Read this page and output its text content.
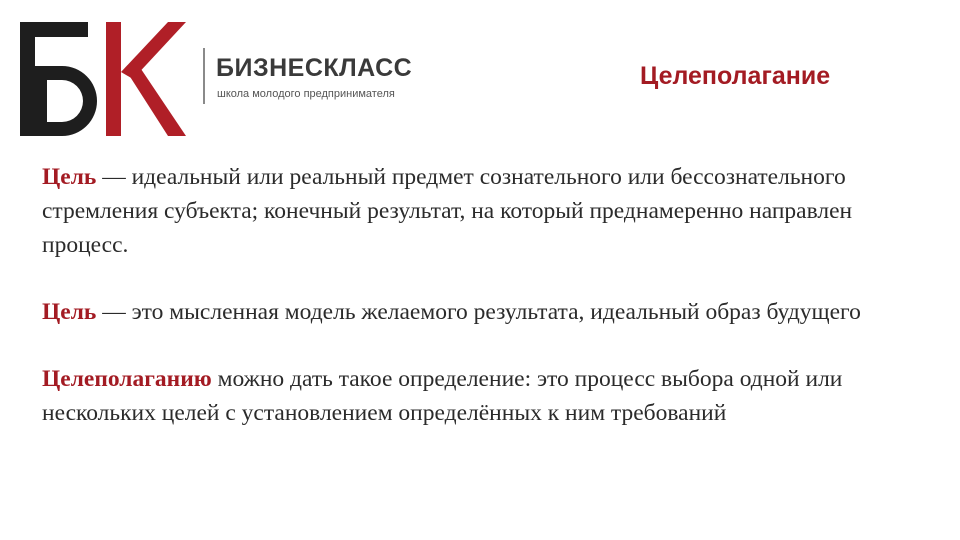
БИЗНЕСКЛАСС
школа молодого предпринимателя
Целеполагание

Цель — идеальный или реальный предмет сознательного или бессознательного стремления субъекта; конечный результат, на который преднамеренно направлен процесс.

Цель — это мысленная модель желаемого результата, идеальный образ будущего

Целеполаганию можно дать такое определение: это процесс выбора одной или нескольких целей с установлением определённых к ним требований
